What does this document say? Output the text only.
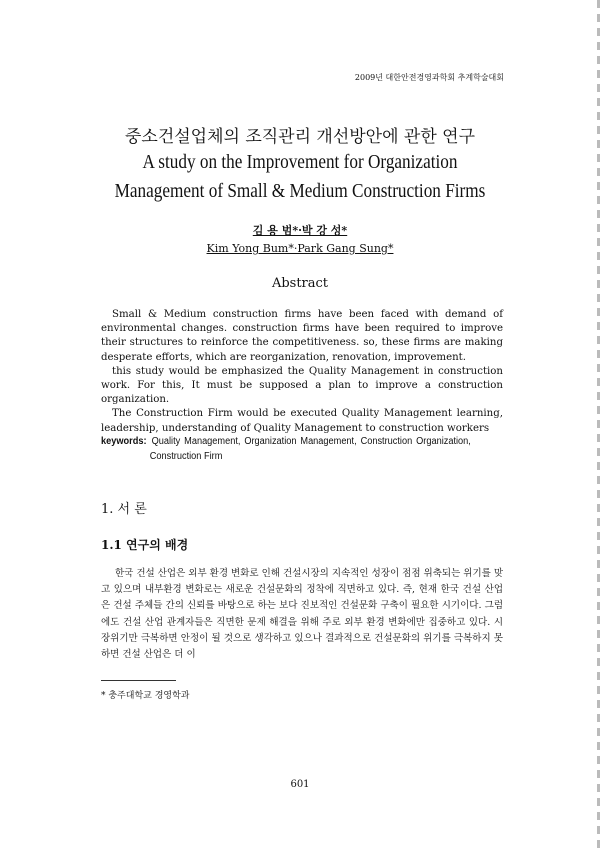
2009년 대한안전경영과학회 추계학술대회
중소건설업체의 조직관리 개선방안에 관한 연구
A study on the Improvement for Organization
Management of Small & Medium Construction Firms
김 용 범*·박 강 성*
Kim Yong Bum*·Park Gang Sung*
Abstract

Small & Medium construction firms have been faced with demand of environmental changes. construction firms have been required to improve their structures to reinforce the competitiveness. so, these firms are making desperate efforts, which are reorganization, renovation, improvement.

this study would be emphasized the Quality Management in construction work. For this, It must be supposed a plan to improve a construction organization.

The Construction Firm would be executed Quality Management learning, leadership, understanding of Quality Management to construction workers

keywords:
Quality Management, Organization Management, Construction Organization,
Construction Firm
1. 서 론
1.1 연구의 배경

한국 건설 산업은 외부 환경 변화로 인해 건설시장의 지속적인 성장이 점점 위축되는 위기를 맞고 있으며 내부환경 변화로는 새로운 건설문화의 정착에 직면하고 있다. 즉, 현재 한국 건설 산업은 건설 주체들 간의 신뢰를 바탕으로 하는 보다 진보적인 건설문화 구축이 필요한 시기이다. 그럼에도 건설 산업 관계자들은 직면한 문제 해결을 위해 주로 외부 환경 변화에만 집중하고 있다. 시장위기만 극복하면 안정이 될 것으로 생각하고 있으나 결과적으로 건설문화의 위기를 극복하지 못하면 건설 산업은 더 이

* 충주대학교 경영학과
601
